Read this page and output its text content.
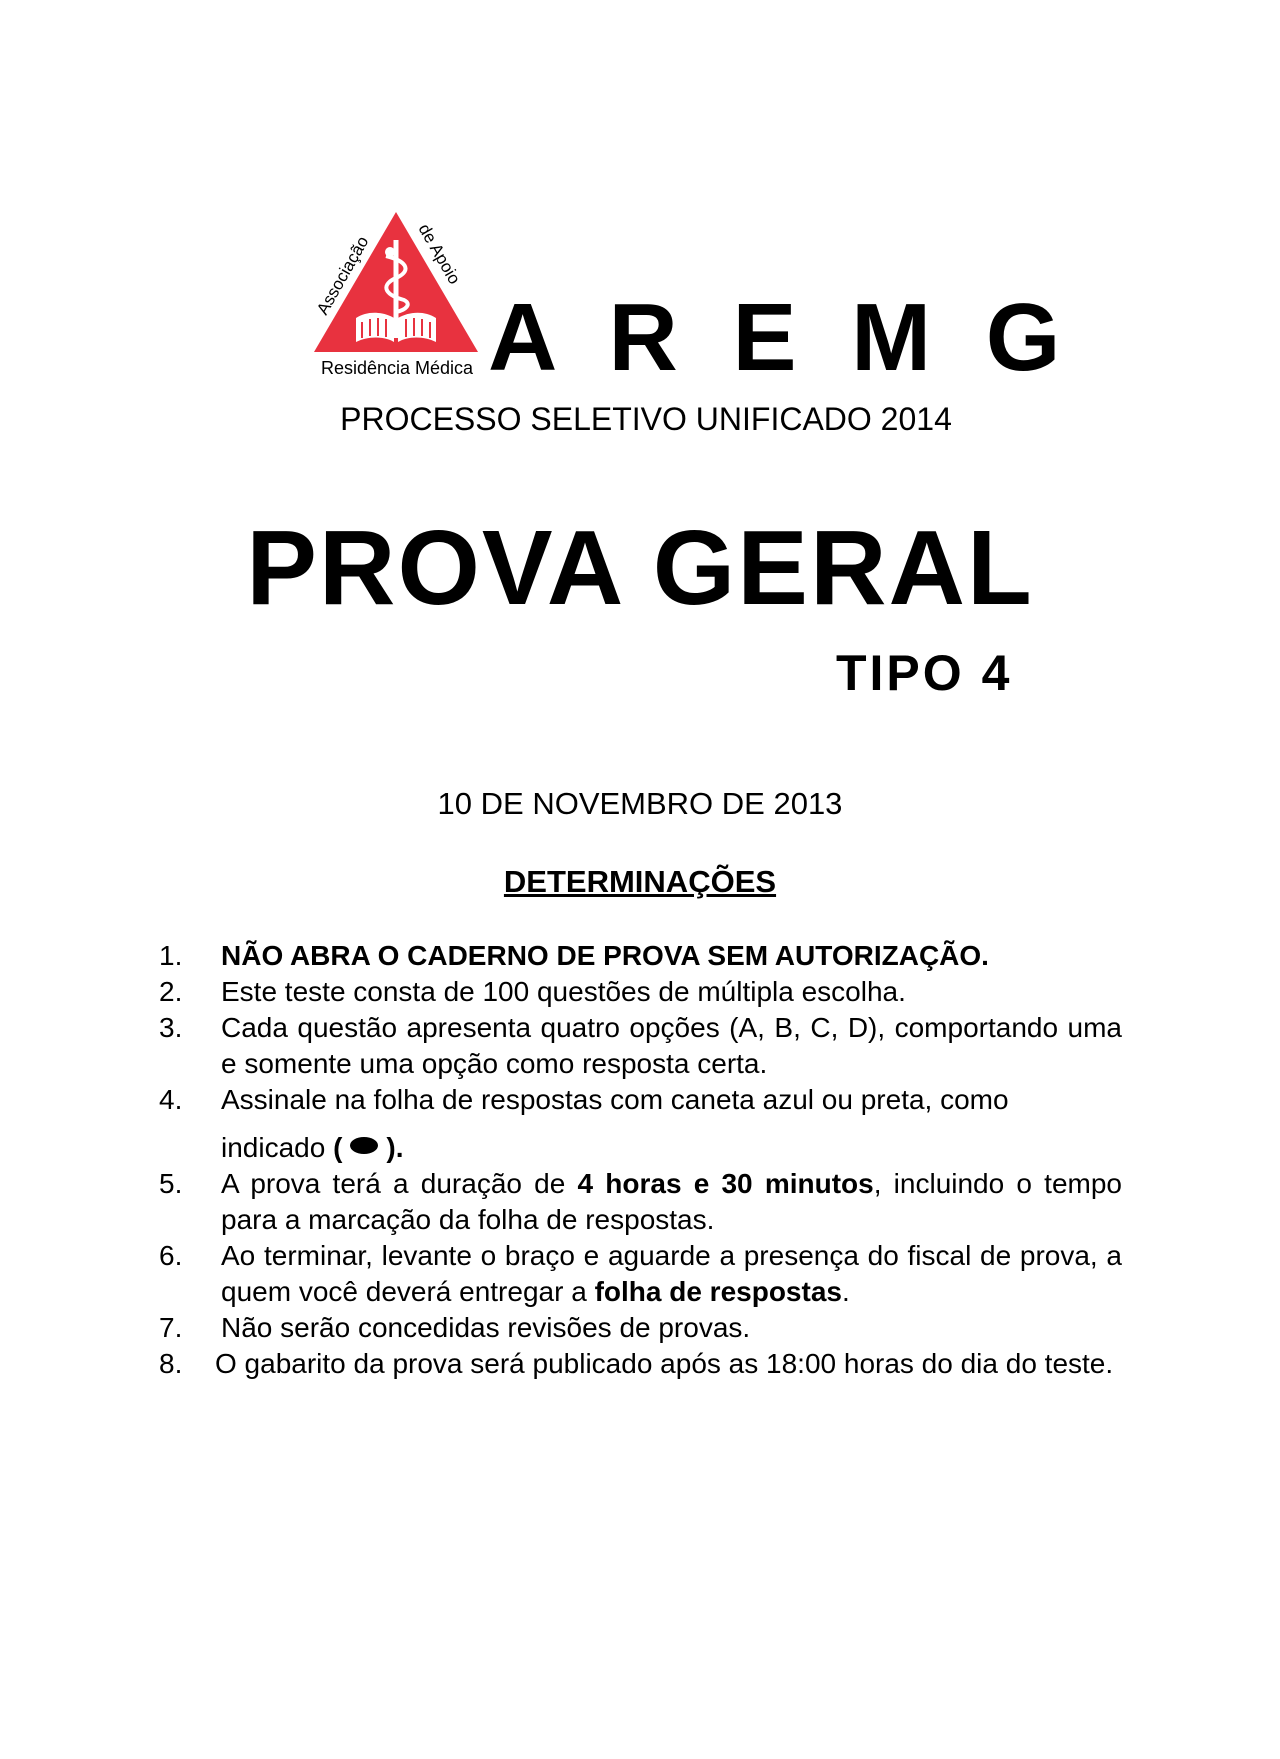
Associação
de Apoio
Residência Médica A R E M G
PROCESSO SELETIVO UNIFICADO 2014
PROVA GERAL
TIPO 4
10 DE NOVEMBRO DE 2013
DETERMINAÇÕES
1. NÃO ABRA O CADERNO DE PROVA SEM AUTORIZAÇÃO.
2. Este teste consta de 100 questões de múltipla escolha.
3. Cada questão apresenta quatro opções (A, B, C, D), comportando uma e somente uma opção como resposta certa.
4. Assinale na folha de respostas com caneta azul ou preta, como
indicado ( ).
5. A prova terá a duração de 4 horas e 30 minutos, incluindo o tempo para a marcação da folha de respostas.
6. Ao terminar, levante o braço e aguarde a presença do fiscal de prova, a quem você deverá entregar a folha de respostas.
7. Não serão concedidas revisões de provas.
8. O gabarito da prova será publicado após as 18:00 horas do dia do teste.
